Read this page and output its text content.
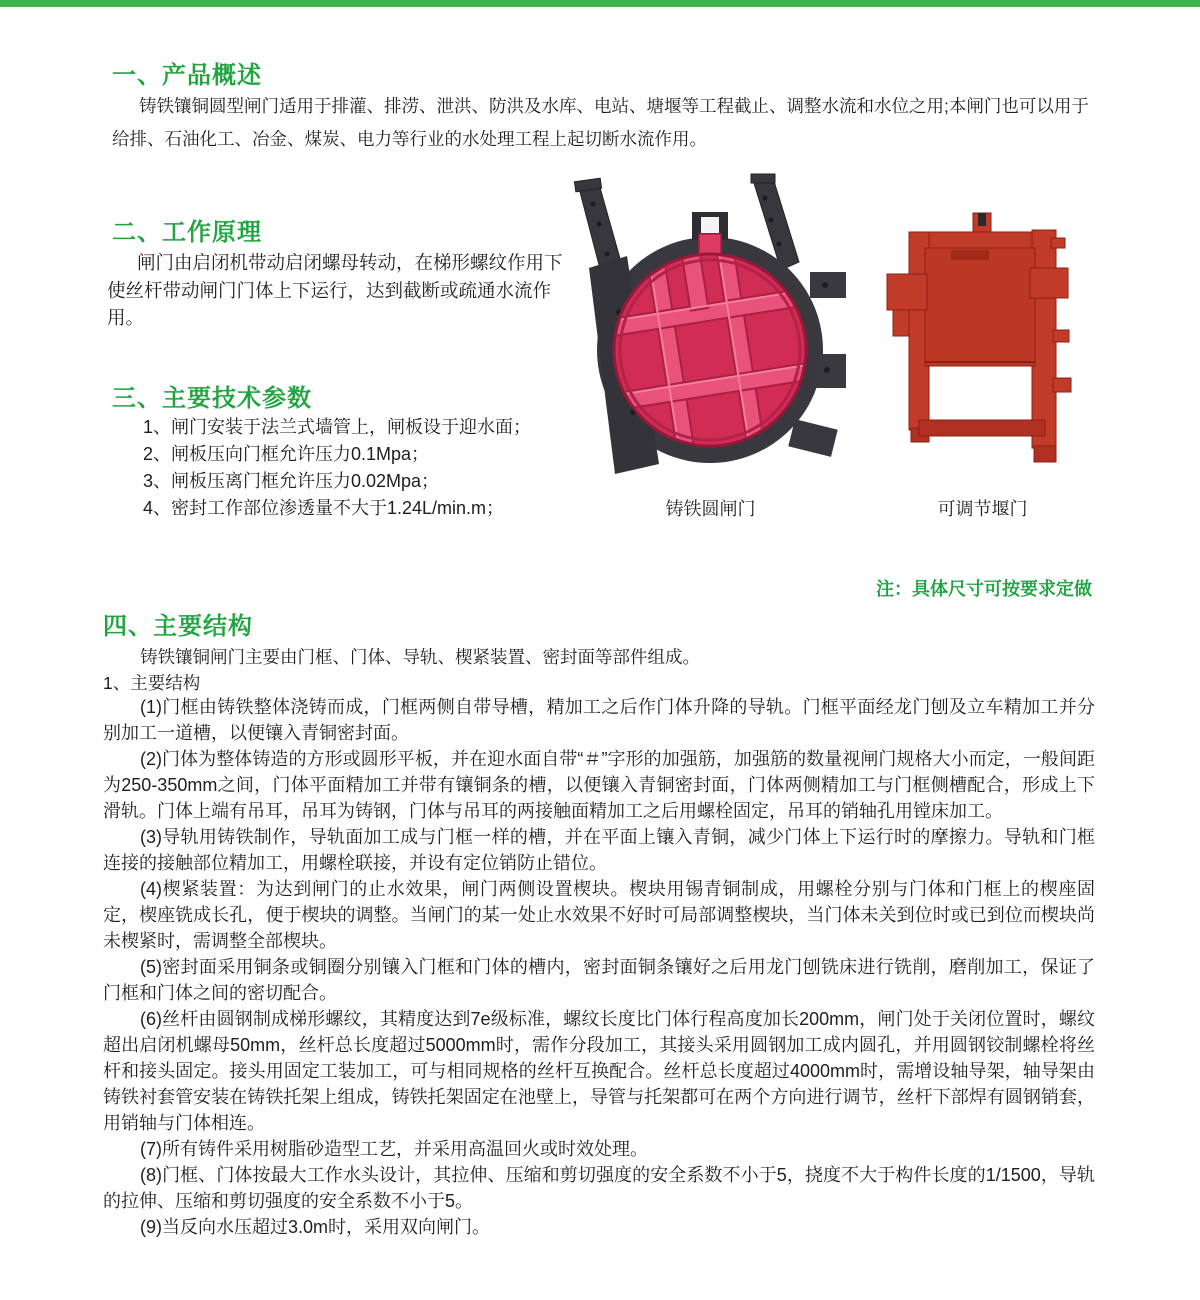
一、产品概述
铸铁镶铜圆型闸门适用于排灌、排涝、泄洪、防洪及水库、电站、塘堰等工程截止、调整水流和水位之用;本闸门也可以用于
给排、石油化工、冶金、煤炭、电力等行业的水处理工程上起切断水流作用。
二、工作原理
闸门由启闭机带动启闭螺母转动，在梯形螺纹作用下
使丝杆带动闸门门体上下运行，达到截断或疏通水流作
用。
三、主要技术参数
1、闸门安装于法兰式墙管上，闸板设于迎水面；
2、闸板压向门框允许压力0.1Mpa；
3、闸板压离门框允许压力0.02Mpa；
4、密封工作部位渗透量不大于1.24L/min.m；	铸铁圆闸门	可调节堰门
注：具体尺寸可按要求定做
四、主要结构
铸铁镶铜闸门主要由门框、门体、导轨、楔紧装置、密封面等部件组成。
1、主要结构

(1)门框由铸铁整体浇铸而成，门框两侧自带导槽，精加工之后作门体升降的导轨。门框平面经龙门刨及立车精加工并分别加工一道槽，以便镶入青铜密封面。

(2)门体为整体铸造的方形或圆形平板，并在迎水面自带“＃”字形的加强筋，加强筋的数量视闸门规格大小而定，一般间距为250-350mm之间，门体平面精加工并带有镶铜条的槽，以便镶入青铜密封面，门体两侧精加工与门框侧槽配合，形成上下滑轨。门体上端有吊耳，吊耳为铸钢，门体与吊耳的两接触面精加工之后用螺栓固定，吊耳的销轴孔用镗床加工。

(3)导轨用铸铁制作，导轨面加工成与门框一样的槽，并在平面上镶入青铜，减少门体上下运行时的摩擦力。导轨和门框连接的接触部位精加工，用螺栓联接，并设有定位销防止错位。

(4)楔紧装置：为达到闸门的止水效果，闸门两侧设置楔块。楔块用锡青铜制成，用螺栓分别与门体和门框上的楔座固定，楔座铣成长孔，便于楔块的调整。当闸门的某一处止水效果不好时可局部调整楔块，当门体未关到位时或已到位而楔块尚未楔紧时，需调整全部楔块。

(5)密封面采用铜条或铜圈分别镶入门框和门体的槽内，密封面铜条镶好之后用龙门刨铣床进行铣削，磨削加工，保证了门框和门体之间的密切配合。

(6)丝杆由圆钢制成梯形螺纹，其精度达到7e级标准，螺纹长度比门体行程高度加长200mm，闸门处于关闭位置时，螺纹超出启闭机螺母50mm，丝杆总长度超过5000mm时，需作分段加工，其接头采用圆钢加工成内圆孔，并用圆钢铰制螺栓将丝杆和接头固定。接头用固定工装加工，可与相同规格的丝杆互换配合。丝杆总长度超过4000mm时，需增设轴导架，轴导架由铸铁衬套管安装在铸铁托架上组成，铸铁托架固定在池壁上，导管与托架都可在两个方向进行调节，丝杆下部焊有圆钢销套，用销轴与门体相连。

(7)所有铸件采用树脂砂造型工艺，并采用高温回火或时效处理。

(8)门框、门体按最大工作水头设计，其拉伸、压缩和剪切强度的安全系数不小于5，挠度不大于构件长度的1/1500，导轨的拉伸、压缩和剪切强度的安全系数不小于5。

(9)当反向水压超过3.0m时，采用双向闸门。
